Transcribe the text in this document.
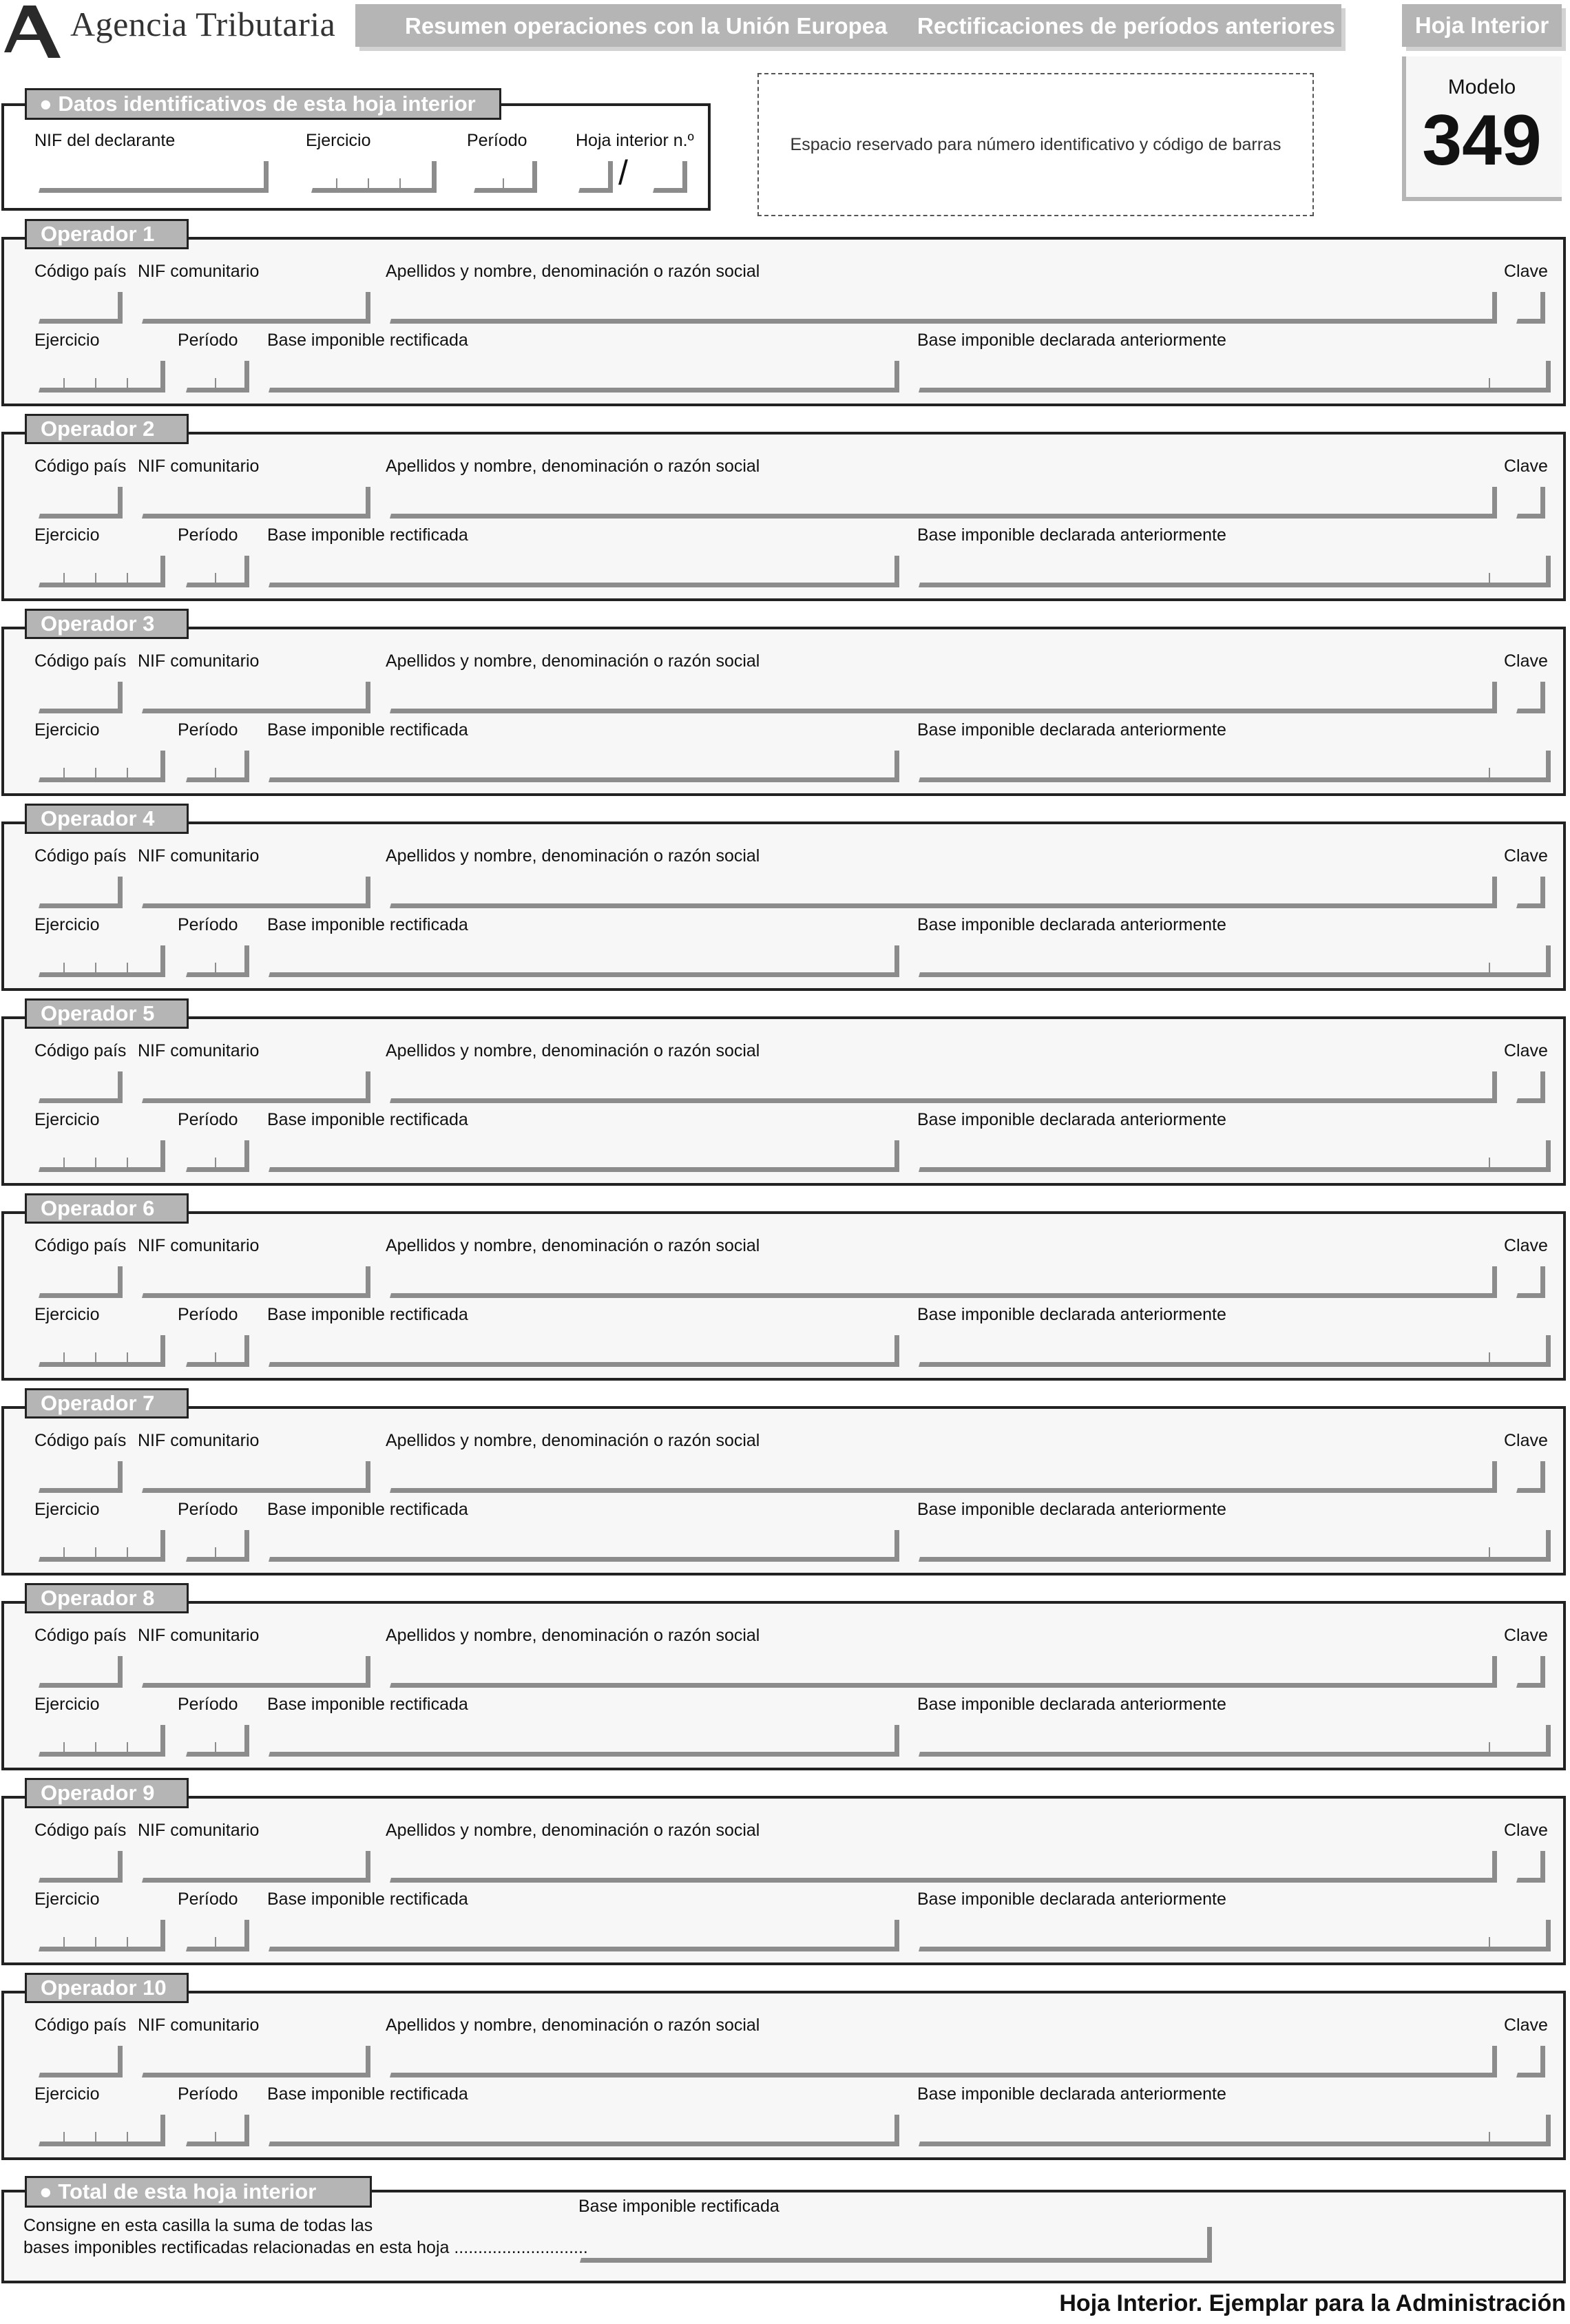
Agencia Tributaria	Resumen operaciones con la Unión Europea Rectificaciones de períodos anteriores	Hoja Interior
Modelo
349
● Datos identificativos de esta hoja interior
NIF del declarante	Ejercicio	Período	Hoja interior n.º
/
Espacio reservado para número identificativo y código de barras
Operador 1
Código país NIF comunitario	Apellidos y nombre, denominación o razón social	Clave
Ejercicio	Período Base imponible rectificada	Base imponible declarada anteriormente
Operador 2
Código país NIF comunitario	Apellidos y nombre, denominación o razón social	Clave
Ejercicio	Período Base imponible rectificada	Base imponible declarada anteriormente
Operador 3
Código país NIF comunitario	Apellidos y nombre, denominación o razón social	Clave
Ejercicio	Período Base imponible rectificada	Base imponible declarada anteriormente
Operador 4
Código país NIF comunitario	Apellidos y nombre, denominación o razón social	Clave
Ejercicio	Período Base imponible rectificada	Base imponible declarada anteriormente
Operador 5
Código país NIF comunitario	Apellidos y nombre, denominación o razón social	Clave
Ejercicio	Período Base imponible rectificada	Base imponible declarada anteriormente
Operador 6
Código país NIF comunitario	Apellidos y nombre, denominación o razón social	Clave
Ejercicio	Período Base imponible rectificada	Base imponible declarada anteriormente
Operador 7
Código país NIF comunitario	Apellidos y nombre, denominación o razón social	Clave
Ejercicio	Período Base imponible rectificada	Base imponible declarada anteriormente
Operador 8
Código país NIF comunitario	Apellidos y nombre, denominación o razón social	Clave
Ejercicio	Período Base imponible rectificada	Base imponible declarada anteriormente
Operador 9
Código país NIF comunitario	Apellidos y nombre, denominación o razón social	Clave
Ejercicio	Período Base imponible rectificada	Base imponible declarada anteriormente
Operador 10
Código país NIF comunitario	Apellidos y nombre, denominación o razón social	Clave
Ejercicio	Período Base imponible rectificada	Base imponible declarada anteriormente
● Total de esta hoja interior
Base imponible rectificada
Consigne en esta casilla la suma de todas las
bases imponibles rectificadas relacionadas en esta hoja ............................
Hoja Interior. Ejemplar para la Administración
